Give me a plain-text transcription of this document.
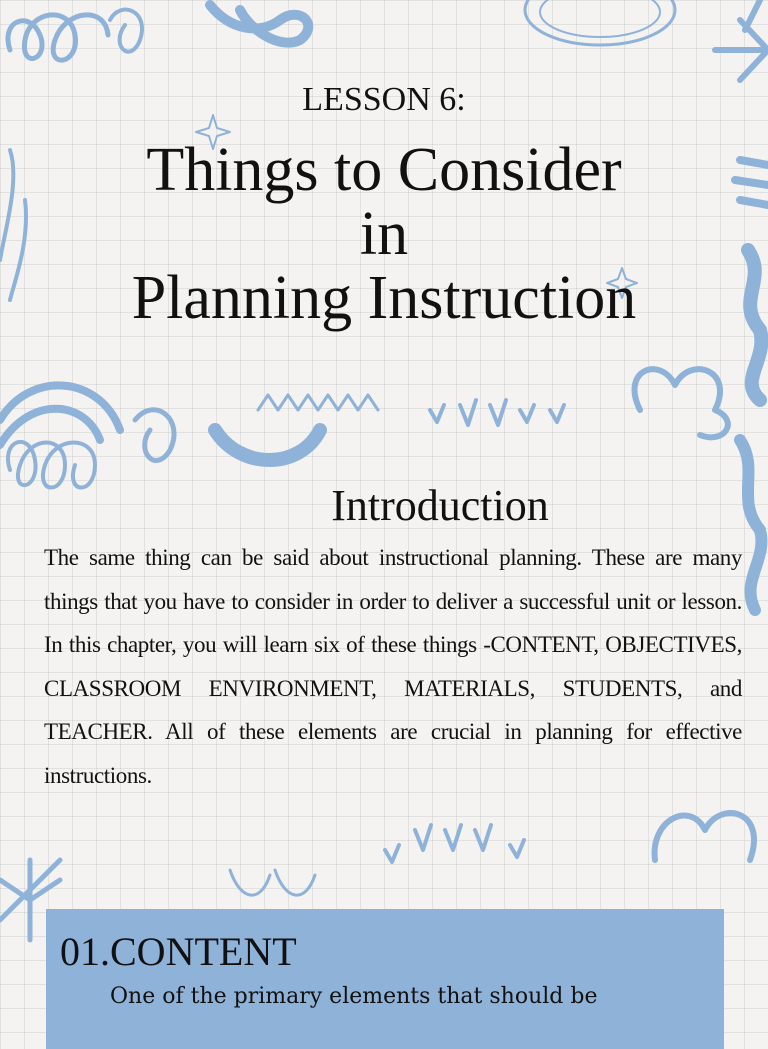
LESSON 6:
Things to Consider
in
Planning Instruction
Introduction
The same thing can be said about instructional planning. These are many things that you have to consider in order to deliver a successful unit or lesson. In this chapter, you will learn six of these things -CONTENT, OBJECTIVES, CLASSROOM ENVIRONMENT, MATERIALS, STUDENTS, and TEACHER. All of these elements are crucial in planning for effective instructions.
01. CONTENT
One of the primary elements that should be
